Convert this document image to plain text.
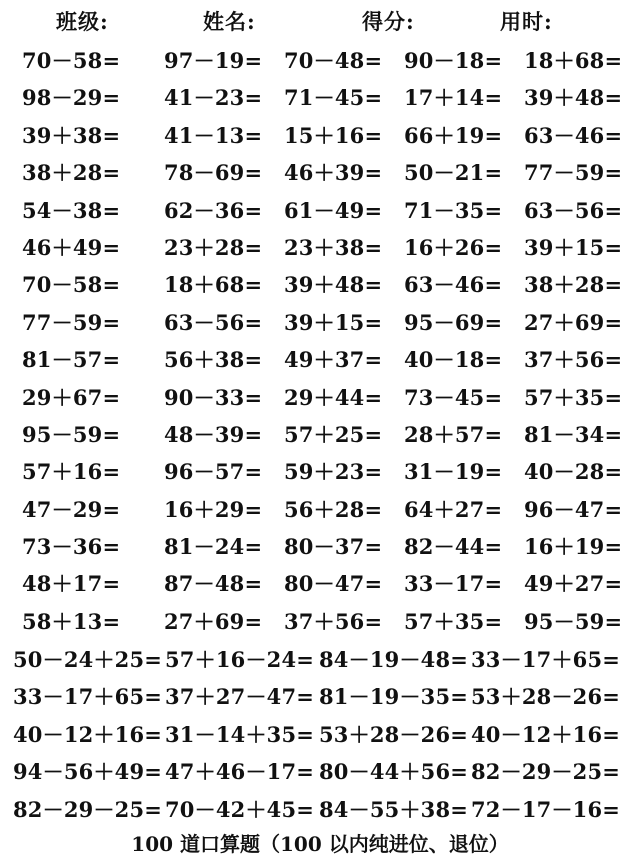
班级:	姓名:	得分:	用时:
70－58=	97－19=	70－48=	90－18=	18＋68=
98－29=	41－23=	71－45=	17＋14=	39＋48=
39＋38=	41－13=	15＋16=	66＋19=	63－46=
38＋28=	78－69=	46＋39=	50－21=	77－59=
54－38=	62－36=	61－49=	71－35=	63－56=
46＋49=	23＋28=	23＋38=	16＋26=	39＋15=
70－58=	18＋68=	39＋48=	63－46=	38＋28=
77－59=	63－56=	39＋15=	95－69=	27＋69=
81－57=	56＋38=	49＋37=	40－18=	37＋56=
29＋67=	90－33=	29＋44=	73－45=	57＋35=
95－59=	48－39=	57＋25=	28＋57=	81－34=
57＋16=	96－57=	59＋23=	31－19=	40－28=
47－29=	16＋29=	56＋28=	64＋27=	96－47=
73－36=	81－24=	80－37=	82－44=	16＋19=
48＋17=	87－48=	80－47=	33－17=	49＋27=
58＋13=	27＋69=	37＋56=	57＋35=	95－59=
50－24＋25= 57＋16－24= 84－19－48= 33－17＋65=
33－17＋65= 37＋27－47= 81－19－35= 53＋28－26=
40－12＋16= 31－14＋35= 53＋28－26= 40－12＋16=
94－56＋49= 47＋46－17= 80－44＋56= 82－29－25=
82－29－25= 70－42＋45= 84－55＋38= 72－17－16=
100 道口算题（100 以内纯进位、退位）
